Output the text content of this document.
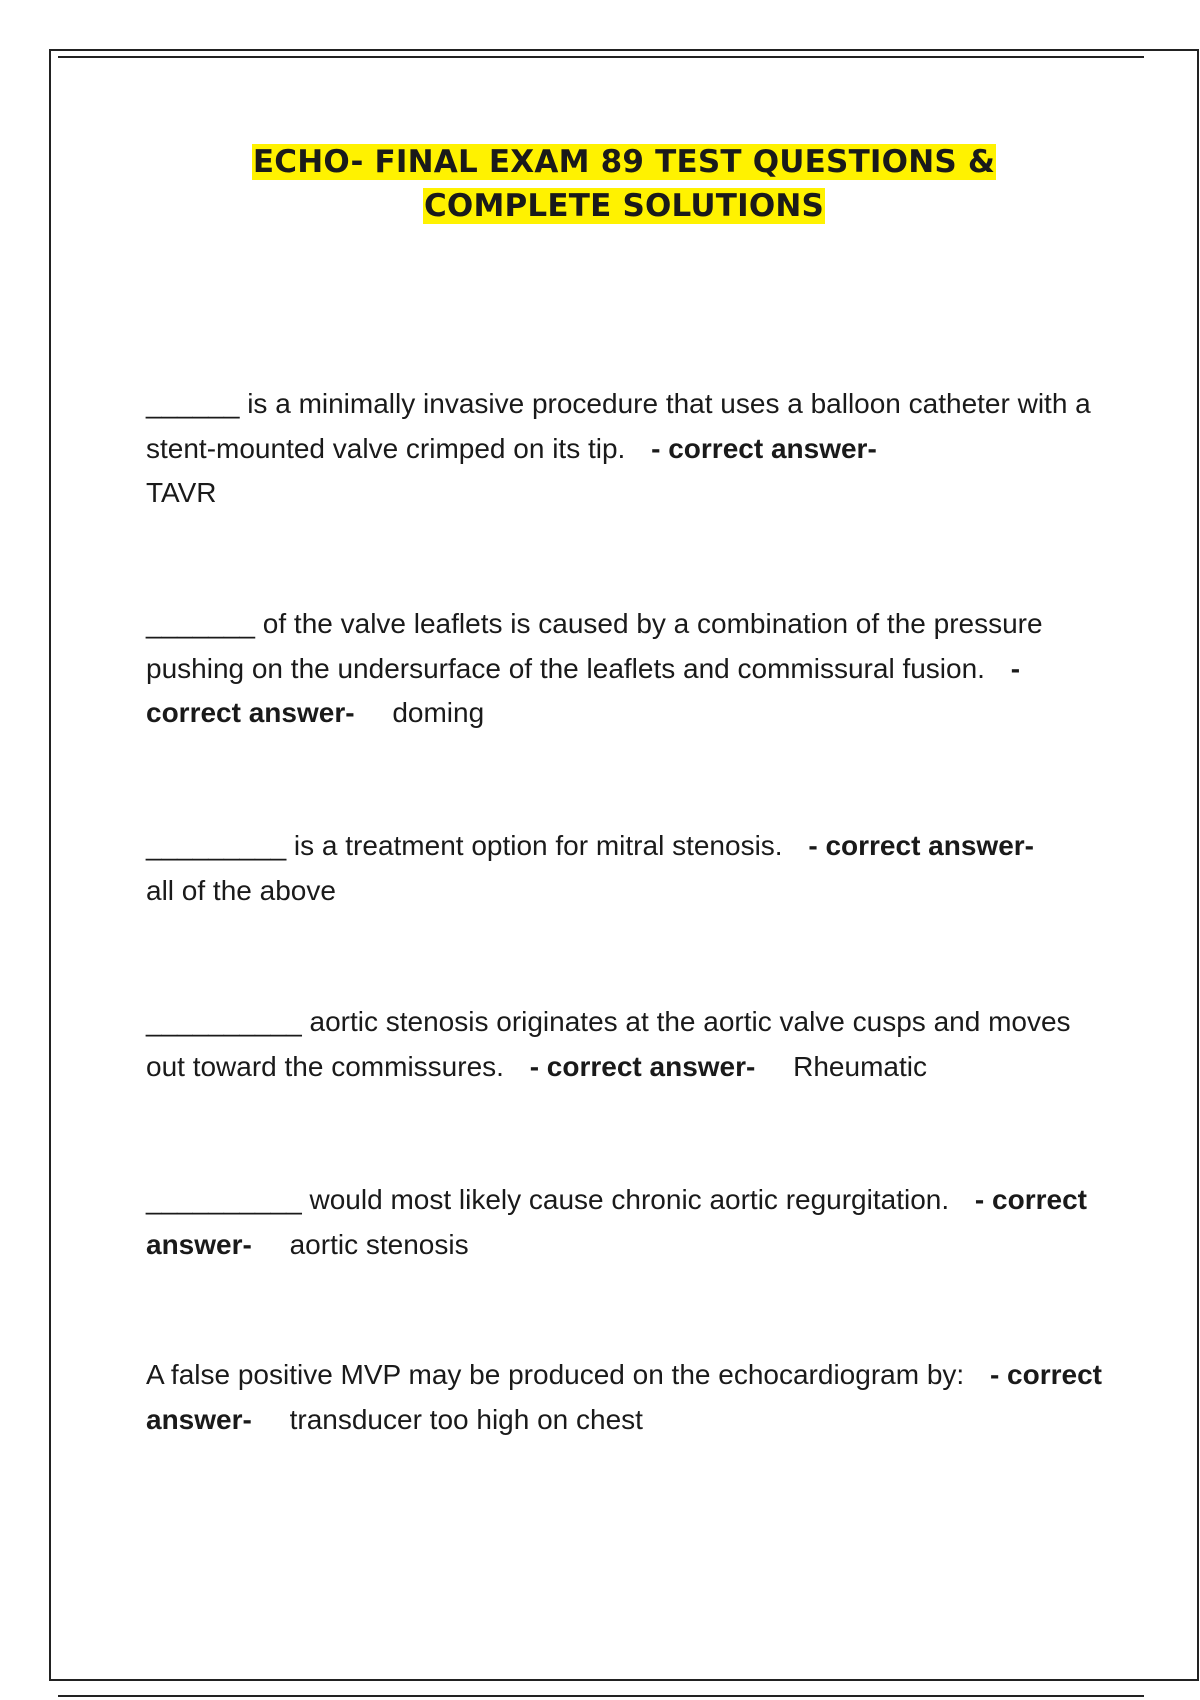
ECHO- FINAL EXAM 89 TEST QUESTIONS &
COMPLETE SOLUTIONS
______ is a minimally invasive procedure that uses a balloon catheter with a stent-mounted valve crimped on its tip. - correct answer-
TAVR
_______ of the valve leaflets is caused by a combination of the pressure pushing on the undersurface of the leaflets and commissural fusion. - correct answer- doming
_________ is a treatment option for mitral stenosis. - correct answer-
all of the above
__________ aortic stenosis originates at the aortic valve cusps and moves out toward the commissures. - correct answer- Rheumatic
__________ would most likely cause chronic aortic regurgitation. - correct answer- aortic stenosis
A false positive MVP may be produced on the echocardiogram by: - correct answer- transducer too high on chest
